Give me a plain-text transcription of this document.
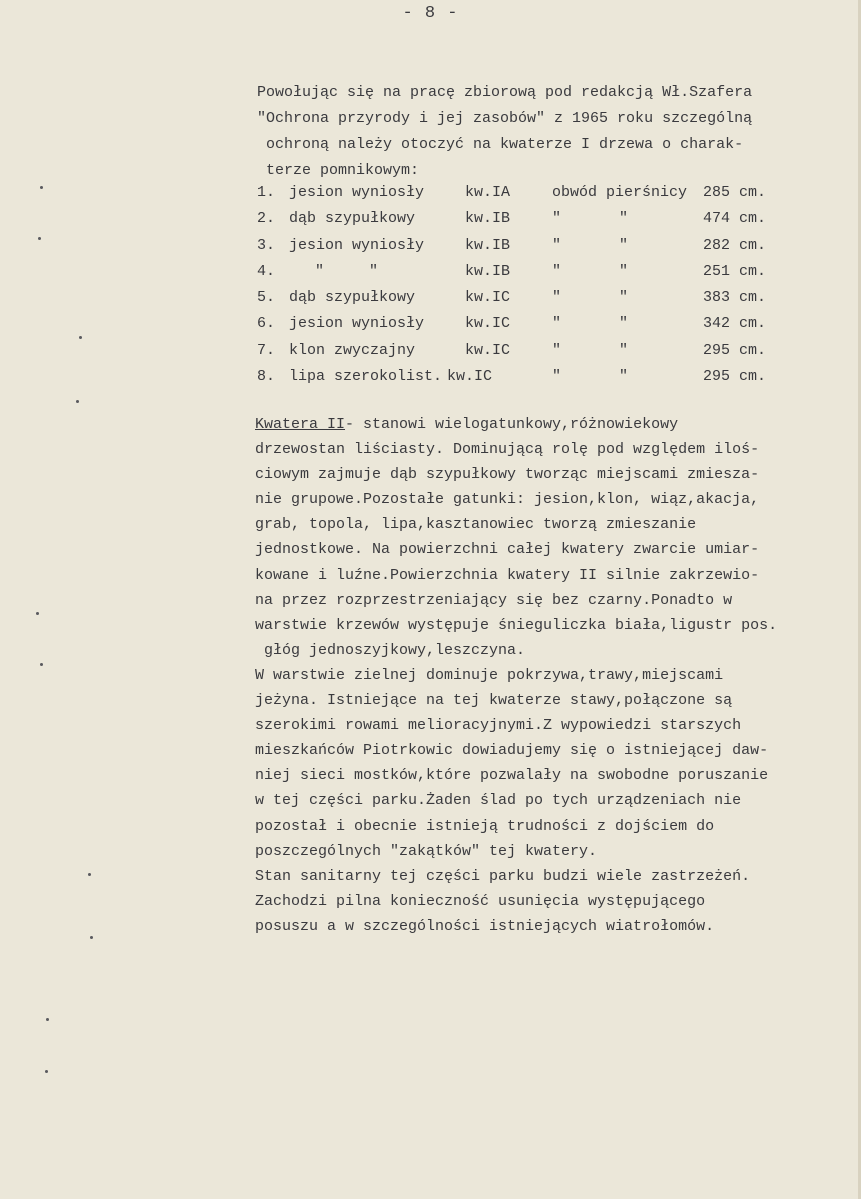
- 8 -
Powołując się na pracę zbiorową pod redakcją Wł.Szafera
"Ochrona przyrody i jej zasobów" z 1965 roku szczególną
ochroną należy otoczyć na kwaterze I drzewa o charak-
terze pomnikowym:
1. jesion wyniosły	kw.IA	obwód pierśnicy 285 cm.
2. dąb szypułkowy	kw.IB	"	"	474 cm.
3. jesion wyniosły	kw.IB	"	"	282 cm.
4.	"     "	kw.IB	"	"	251 cm.
5. dąb szypułkowy	kw.IC	"	"	383 cm.
6. jesion wyniosły	kw.IC	"	"	342 cm.
7. klon zwyczajny	kw.IC	"	"	295 cm.
8. lipa szerokolist. kw.IC	"	"	295 cm.
Kwatera II- stanowi wielogatunkowy,różnowiekowy
drzewostan liściasty. Dominującą rolę pod względem iloś-
ciowym zajmuje dąb szypułkowy tworząc miejscami zmiesza-
nie grupowe.Pozostałe gatunki: jesion,klon, wiąz,akacja,
grab, topola, lipa,kasztanowiec tworzą zmieszanie
jednostkowe. Na powierzchni całej kwatery zwarcie umiar-
kowane i luźne.Powierzchnia kwatery II silnie zakrzewio-
na przez rozprzestrzeniający się bez czarny.Ponadto w
warstwie krzewów występuje śnieguliczka biała,ligustr pos.
głóg jednoszyjkowy,leszczyna.
W warstwie zielnej dominuje pokrzywa,trawy,miejscami
jeżyna. Istniejące na tej kwaterze stawy,połączone są
szerokimi rowami melioracyjnymi.Z wypowiedzi starszych
mieszkańców Piotrkowic dowiadujemy się o istniejącej daw-
niej sieci mostków,które pozwalały na swobodne poruszanie
w tej części parku.Żaden ślad po tych urządzeniach nie
pozostał i obecnie istnieją trudności z dojściem do
poszczególnych "zakątków" tej kwatery.
Stan sanitarny tej części parku budzi wiele zastrzeżeń.
Zachodzi pilna konieczność usunięcia występującego
posuszu a w szczególności istniejących wiatrołomów.
